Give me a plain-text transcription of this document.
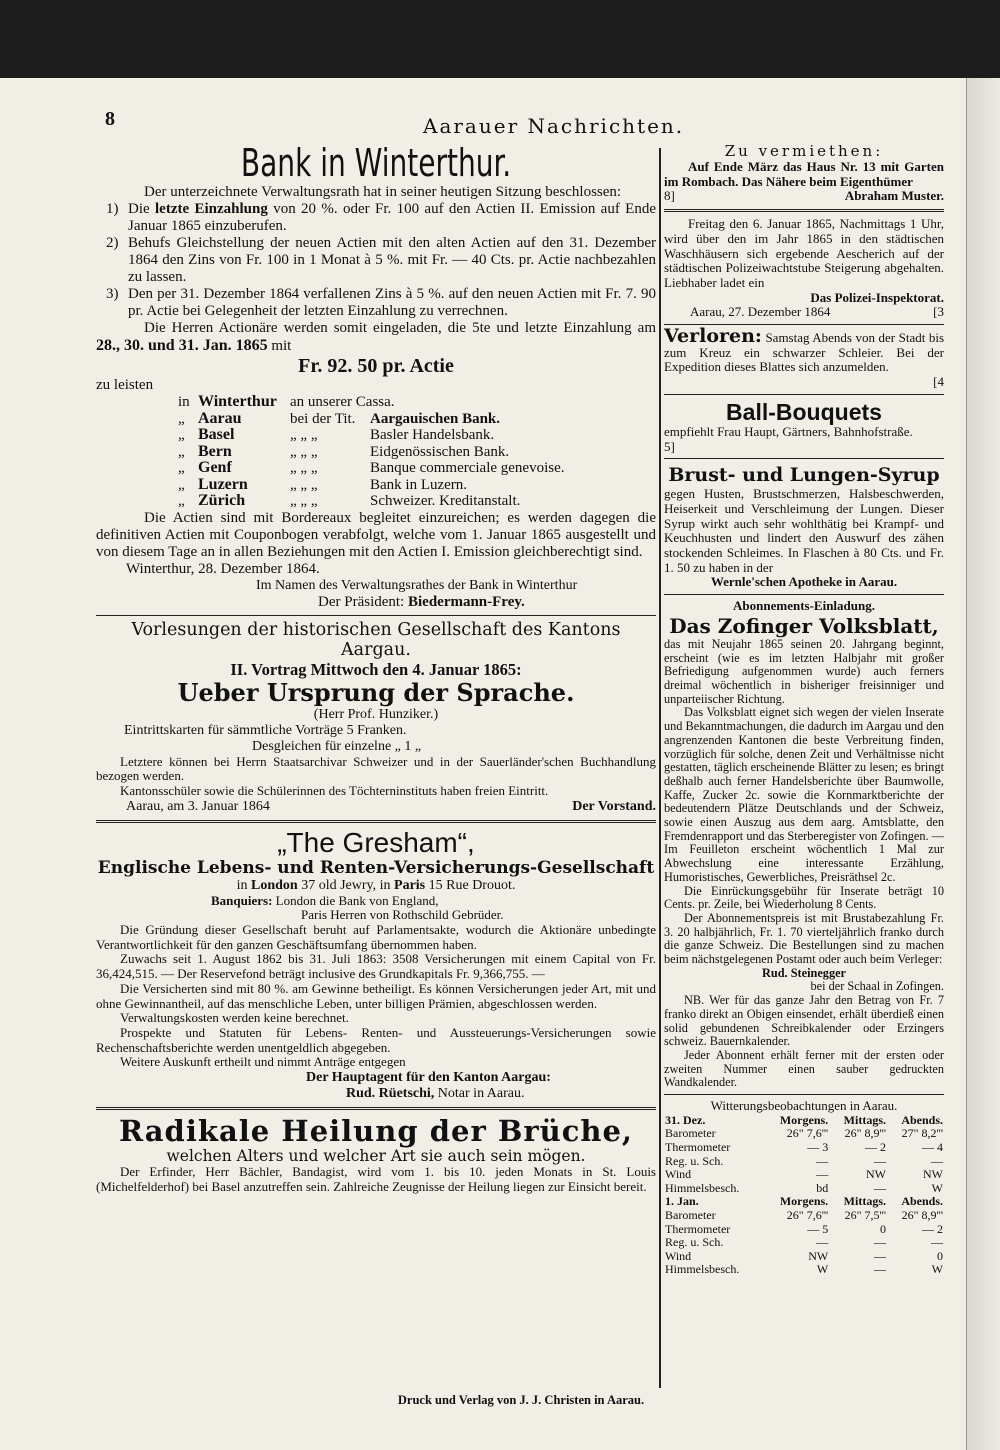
8	Aarauer Nachrichten.
Bank in Winterthur.

Der unterzeichnete Verwaltungsrath hat in seiner heutigen Sitzung beschlossen:

1) Die letzte Einzahlung von 20 %. oder Fr. 100 auf den Actien II. Emission auf Ende Januar 1865 einzuberufen.
2) Behufs Gleichstellung der neuen Actien mit den alten Actien auf den 31. Dezember 1864 den Zins von Fr. 100 in 1 Monat à 5 %. mit Fr. — 40 Cts. pr. Actie nachbezahlen zu lassen.
3) Den per 31. Dezember 1864 verfallenen Zins à 5 %. auf den neuen Actien mit Fr. 7. 90 pr. Actie bei Gelegenheit der letzten Einzahlung zu verrechnen.

Die Herren Actionäre werden somit eingeladen, die 5te und letzte Einzahlung am 28., 30. und 31. Jan. 1865 mit

Fr. 92. 50 pr. Actie
zu leisten
in Winterthur an unserer Cassa.
„ Aarau	bei der Tit. Aargauischen Bank.
„ Basel	„ „ „	Basler Handelsbank.
„ Bern	„ „ „	Eidgenössischen Bank.
„ Genf	„ „ „	Banque commerciale genevoise.
„ Luzern	„ „ „	Bank in Luzern.
„ Zürich	„ „ „	Schweizer. Kreditanstalt.

Die Actien sind mit Bordereaux begleitet einzureichen; es werden dagegen die definitiven Actien mit Couponbogen verabfolgt, welche vom 1. Januar 1865 ausgestellt und von diesem Tage an in allen Beziehungen mit den Actien I. Emission gleichberechtigt sind.

Winterthur, 28. Dezember 1864.

Im Namen des Verwaltungsrathes der Bank in Winterthur

Der Präsident: Biedermann-Frey.

Vorlesungen der historischen Gesellschaft des Kantons Aargau.
II. Vortrag Mittwoch den 4. Januar 1865:
Ueber Ursprung der Sprache.
(Herr Prof. Hunziker.)
Eintrittskarten für sämmtliche Vorträge 5 Franken.
Desgleichen für einzelne „ 1 „

Letztere können bei Herrn Staatsarchivar Schweizer und in der Sauerländer'schen Buchhandlung bezogen werden.

Kantonsschüler sowie die Schülerinnen des Töchterninstituts haben freien Eintritt.

Aarau, am 3. Januar 1864	Der Vorstand.
„The Gresham“,
Englische Lebens- und Renten-Versicherungs-Gesellschaft
in London 37 old Jewry, in Paris 15 Rue Drouot.
Banquiers: London die Bank von England,
Paris Herren von Rothschild Gebrüder.

Die Gründung dieser Gesellschaft beruht auf Parlamentsakte, wodurch die Aktionäre unbedingte Verantwortlichkeit für den ganzen Geschäftsumfang übernommen haben.

Zuwachs seit 1. August 1862 bis 31. Juli 1863: 3508 Versicherungen mit einem Capital von Fr. 36,424,515. — Der Reservefond beträgt inclusive des Grundkapitals Fr. 9,366,755. —

Die Versicherten sind mit 80 %. am Gewinne betheiligt. Es können Versicherungen jeder Art, mit und ohne Gewinnantheil, auf das menschliche Leben, unter billigen Prämien, abgeschlossen werden.

Verwaltungskosten werden keine berechnet.

Prospekte und Statuten für Lebens- Renten- und Aussteuerungs-Versicherungen sowie Rechenschaftsberichte werden unentgeldlich abgegeben.

Weitere Auskunft ertheilt und nimmt Anträge entgegen

Der Hauptagent für den Kanton Aargau:
Rud. Rüetschi, Notar in Aarau.
Radikale Heilung der Brüche,
welchen Alters und welcher Art sie auch sein mögen.

Der Erfinder, Herr Bächler, Bandagist, wird vom 1. bis 10. jeden Monats in St. Louis (Michelfelderhof) bei Basel anzutreffen sein. Zahlreiche Zeugnisse der Heilung liegen zur Einsicht bereit.

Zu vermiethen:

Auf Ende März das Haus Nr. 13 mit Garten im Rombach. Das Nähere beim Eigenthümer

8]	Abraham Muster.

Freitag den 6. Januar 1865, Nachmittags 1 Uhr, wird über den im Jahr 1865 in den städtischen Waschhäusern sich ergebende Aescherich auf der städtischen Polizeiwachtstube Steigerung abgehalten. Liebhaber ladet ein

Das Polizei-Inspektorat.
Aarau, 27. Dezember 1864	[3

Verloren: Samstag Abends von der Stadt bis zum Kreuz ein schwarzer Schleier. Bei der Expedition dieses Blattes sich anzumelden.

[4
Ball-Bouquets

empfiehlt Frau Haupt, Gärtners, Bahnhofstraße.

5]
Brust- und Lungen-Syrup

gegen Husten, Brustschmerzen, Halsbeschwerden, Heiserkeit und Verschleimung der Lungen. Dieser Syrup wirkt auch sehr wohlthätig bei Krampf- und Keuchhusten und lindert den Auswurf des zähen stockenden Schleimes. In Flaschen à 80 Cts. und Fr. 1. 50 zu haben in der

Wernle'schen Apotheke in Aarau.
Abonnements-Einladung.
Das Zofinger Volksblatt,

das mit Neujahr 1865 seinen 20. Jahrgang beginnt, erscheint (wie es im letzten Halbjahr mit großer Befriedigung aufgenommen wurde) auch ferners dreimal wöchentlich in bisheriger freisinniger und unparteiischer Richtung.

Das Volksblatt eignet sich wegen der vielen Inserate und Bekanntmachungen, die dadurch im Aargau und den angrenzenden Kantonen die beste Verbreitung finden, vorzüglich für solche, denen Zeit und Verhältnisse nicht gestatten, täglich erscheinende Blätter zu lesen; es bringt deßhalb auch ferner Handelsberichte über Baumwolle, Kaffe, Zucker 2c. sowie die Kornmarktberichte der bedeutendern Plätze Deutschlands und der Schweiz, sowie einen Auszug aus dem aarg. Amtsblatte, den Fremdenrapport und das Sterberegister von Zofingen. — Im Feuilleton erscheint wöchentlich 1 Mal zur Abwechslung eine interessante Erzählung, Humoristisches, Gewerbliches, Preisräthsel 2c.

Die Einrückungsgebühr für Inserate beträgt 10 Cents. pr. Zeile, bei Wiederholung 8 Cents.

Der Abonnementspreis ist mit Brustabezahlung Fr. 3. 20 halbjährlich, Fr. 1. 70 vierteljährlich franko durch die ganze Schweiz. Die Bestellungen sind zu machen beim nächstgelegenen Postamt oder auch beim Verleger:

Rud. Steinegger
bei der Schaal in Zofingen.

NB. Wer für das ganze Jahr den Betrag von Fr. 7 franko direkt an Obigen einsendet, erhält überdieß einen solid gebundenen Schreibkalender oder Erzingers schweiz. Bauernkalender.

Jeder Abonnent erhält ferner mit der ersten oder zweiten Nummer einen sauber gedruckten Wandkalender.

Witterungsbeobachtungen in Aarau.
31. Dez.	Morgens.	Mittags.	Abends.
Barometer	26" 7,6'''	26" 8,9'''	27" 8,2'''
Thermometer	— 3	— 2	— 4
Reg. u. Sch.	—	—	—
Wind	—	NW	NW
Himmelsbesch.	bd	—	W
1. Jan.	Morgens.	Mittags.	Abends.
Barometer	26" 7,6'''	26" 7,5'''	26" 8,9'''
Thermometer	— 5	0	— 2
Reg. u. Sch.	—	—	—
Wind	NW	—	0
Himmelsbesch.	W	—	W
Druck und Verlag von J. J. Christen in Aarau.
